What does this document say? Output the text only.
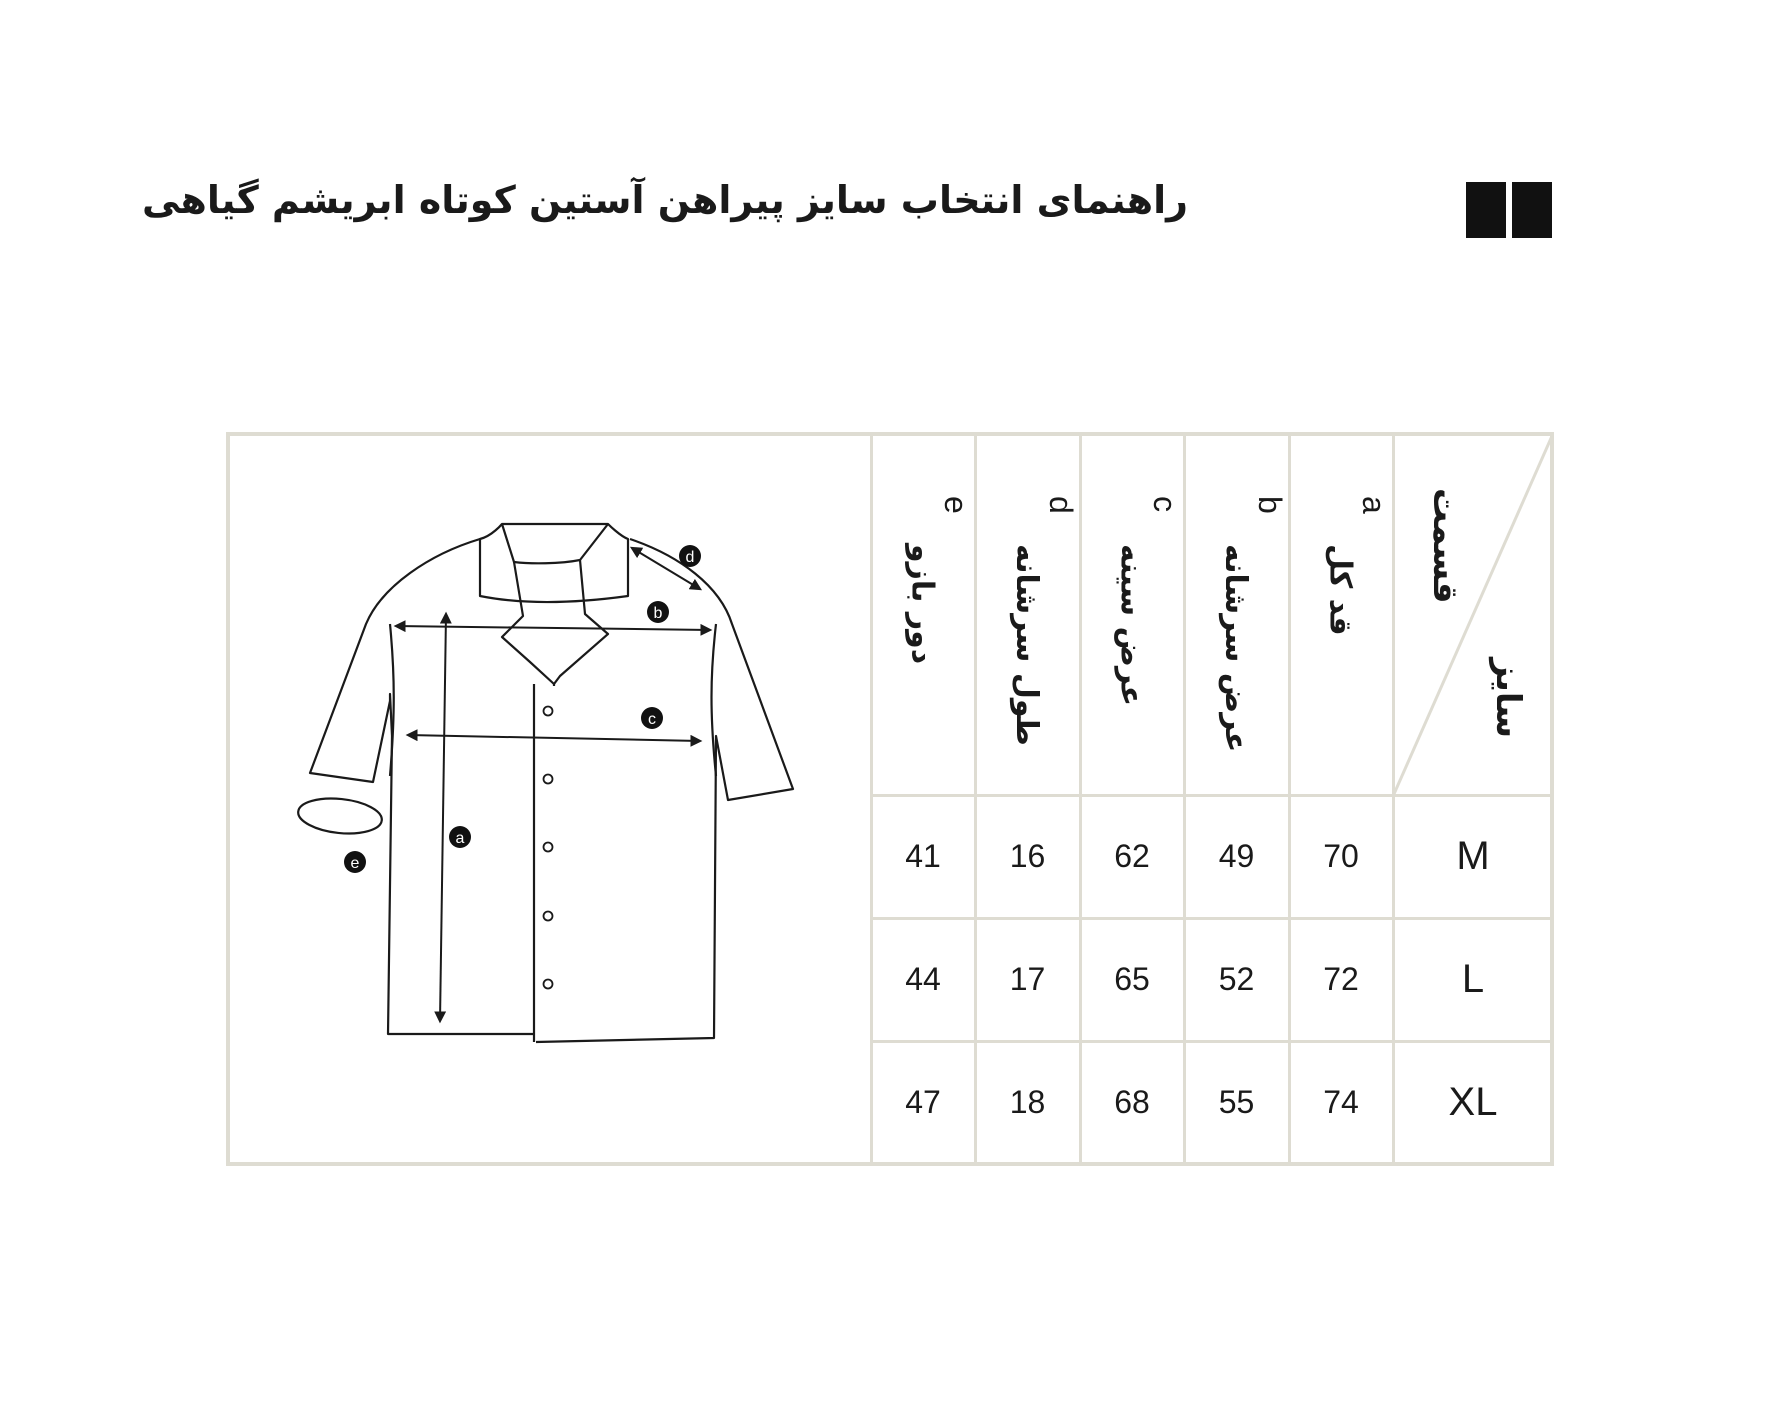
راهنمای انتخاب سایز پیراهن آستین کوتاه ابریشم گیاهی
قسمت
سایز
a
قد کل
b
عرض سرشانه
c
عرض سینه
d
طول سرشانه
e
دور بازو
M
70
49
62
16
41
L
72
52
65
17
44
XL
74
55
68
18
47
a
b
c
d
e
